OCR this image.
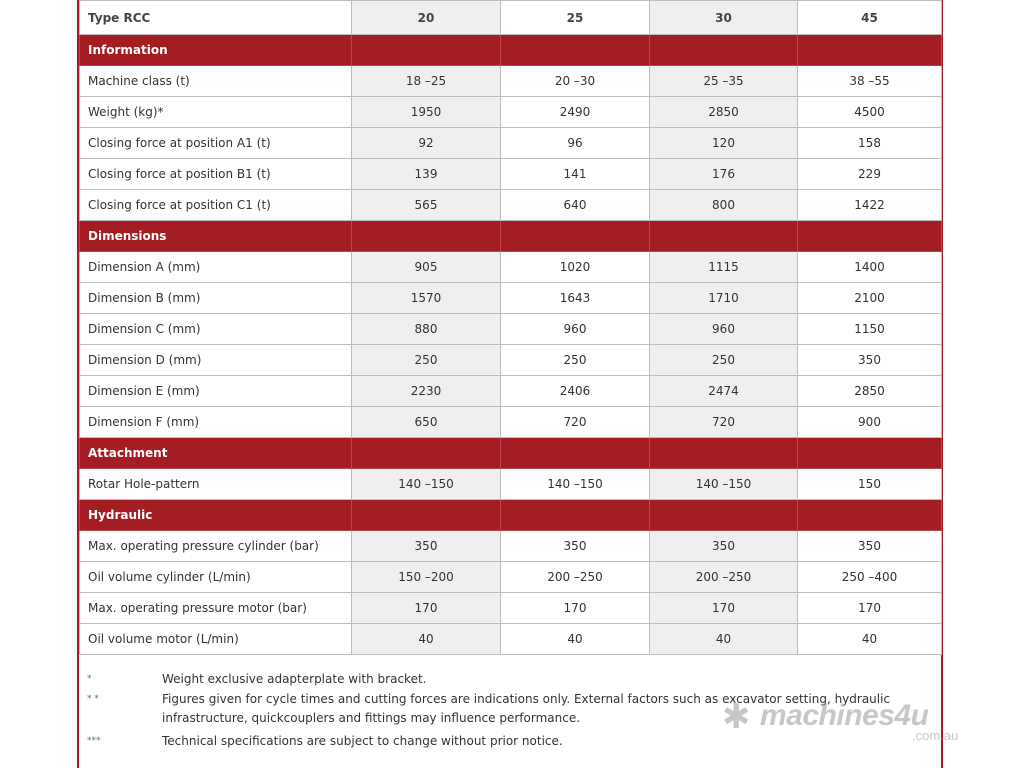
Type RCC	20	25	30	45
Information				
Machine class (t)	18 –25	20 –30	25 –35	38 –55
Weight (kg)*	1950	2490	2850	4500
Closing force at position A1 (t)	92	96	120	158
Closing force at position B1 (t)	139	141	176	229
Closing force at position C1 (t)	565	640	800	1422
Dimensions				
Dimension A (mm)	905	1020	1115	1400
Dimension B (mm)	1570	1643	1710	2100
Dimension C (mm)	880	960	960	1150
Dimension D (mm)	250	250	250	350
Dimension E (mm)	2230	2406	2474	2850
Dimension F (mm)	650	720	720	900
Attachment				
Rotar Hole-pattern	140 –150	140 –150	140 –150	150
Hydraulic				
Max. operating pressure cylinder (bar)	350	350	350	350
Oil volume cylinder (L/min)	150 –200	200 –250	200 –250	250 –400
Max. operating pressure motor (bar)	170	170	170	170
Oil volume motor (L/min)	40	40	40	40
*	Weight exclusive adapterplate with bracket.
* *	Figures given for cycle times and cutting forces are indications only. External factors such as excavator setting, hydraulic infrastructure, quickcouplers and fittings may influence performance.
***	Technical specifications are subject to change without prior notice.
✱ machines4u
.com.au
